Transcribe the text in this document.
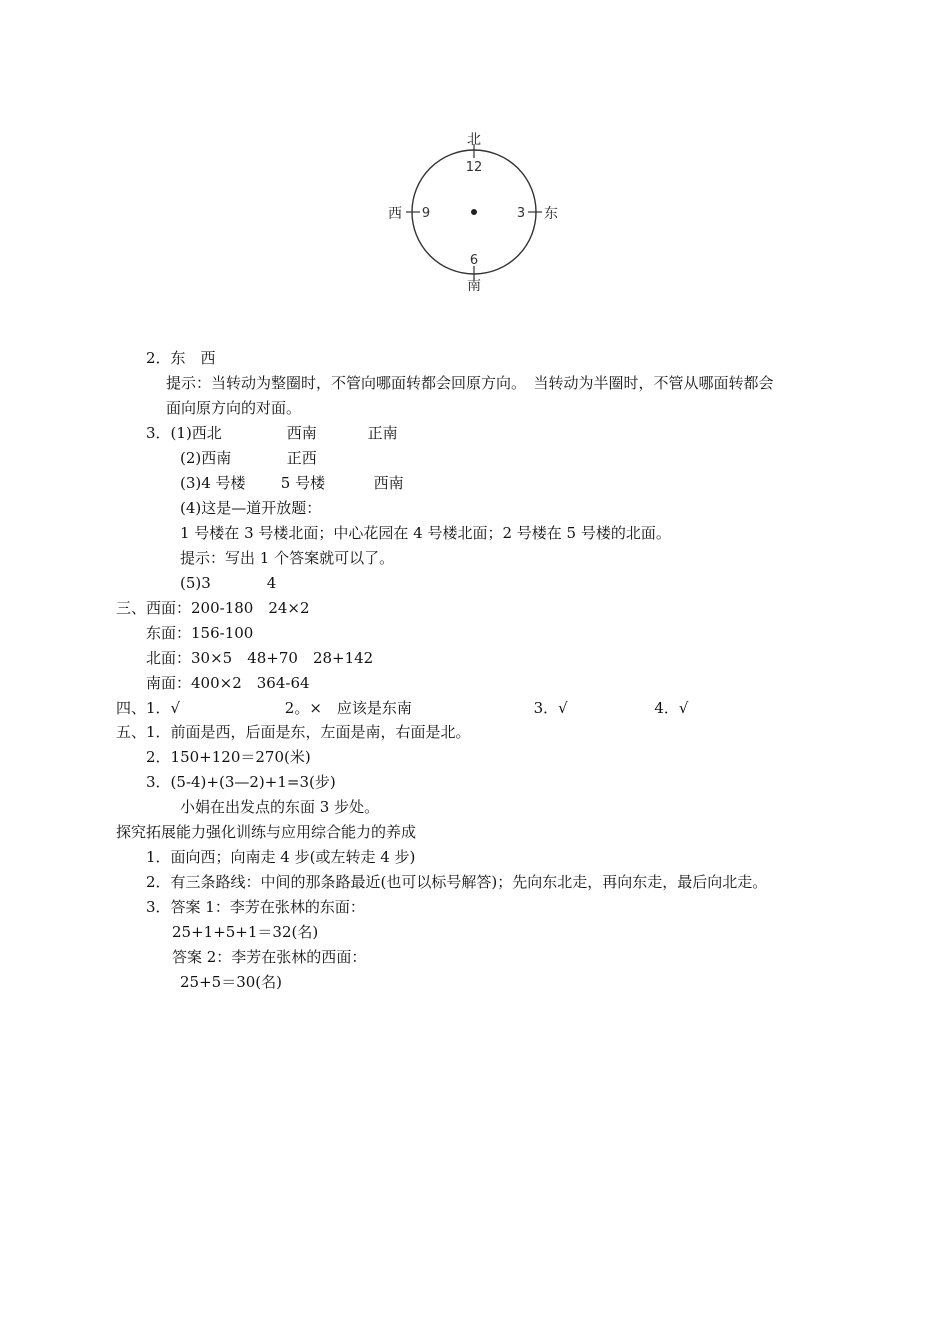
北
12
南
6
西 9	东
3
2．东　西
提示：当转动为整圈时，不管向哪面转都会回原方向。　当转动为半圈时，不管从哪面转都会
面向原方向的对面。
3．(1)西北	西南	正南
(2)西南	正西
(3)4 号楼 5 号楼	西南
(4)这是—道开放题：
1 号楼在 3 号楼北面；中心花园在 4 号楼北面；2 号楼在 5 号楼的北面。
提示：写出 1 个答案就可以了。
(5)3	4
三、西面：200-180　24×2
东面：156-100
北面：30×5　48+70　28+142
南面：400×2　364-64
四、1．√	2。×　应该是东南	3．√	4．√
五、1．前面是西，后面是东，左面是南，右面是北。
2．150+120＝270(米)
3．(5-4)+(3—2)+1=3(步)
小娟在出发点的东面 3 步处。
探究拓展能力强化训练与应用综合能力的养成
1．面向西；向南走 4 步(或左转走 4 步)
2．有三条路线：中间的那条路最近(也可以标号解答)；先向东北走，再向东走，最后向北走。
3．答案 1：李芳在张林的东面：
25+1+5+1＝32(名)
答案 2：李芳在张林的西面：
25+5＝30(名)
